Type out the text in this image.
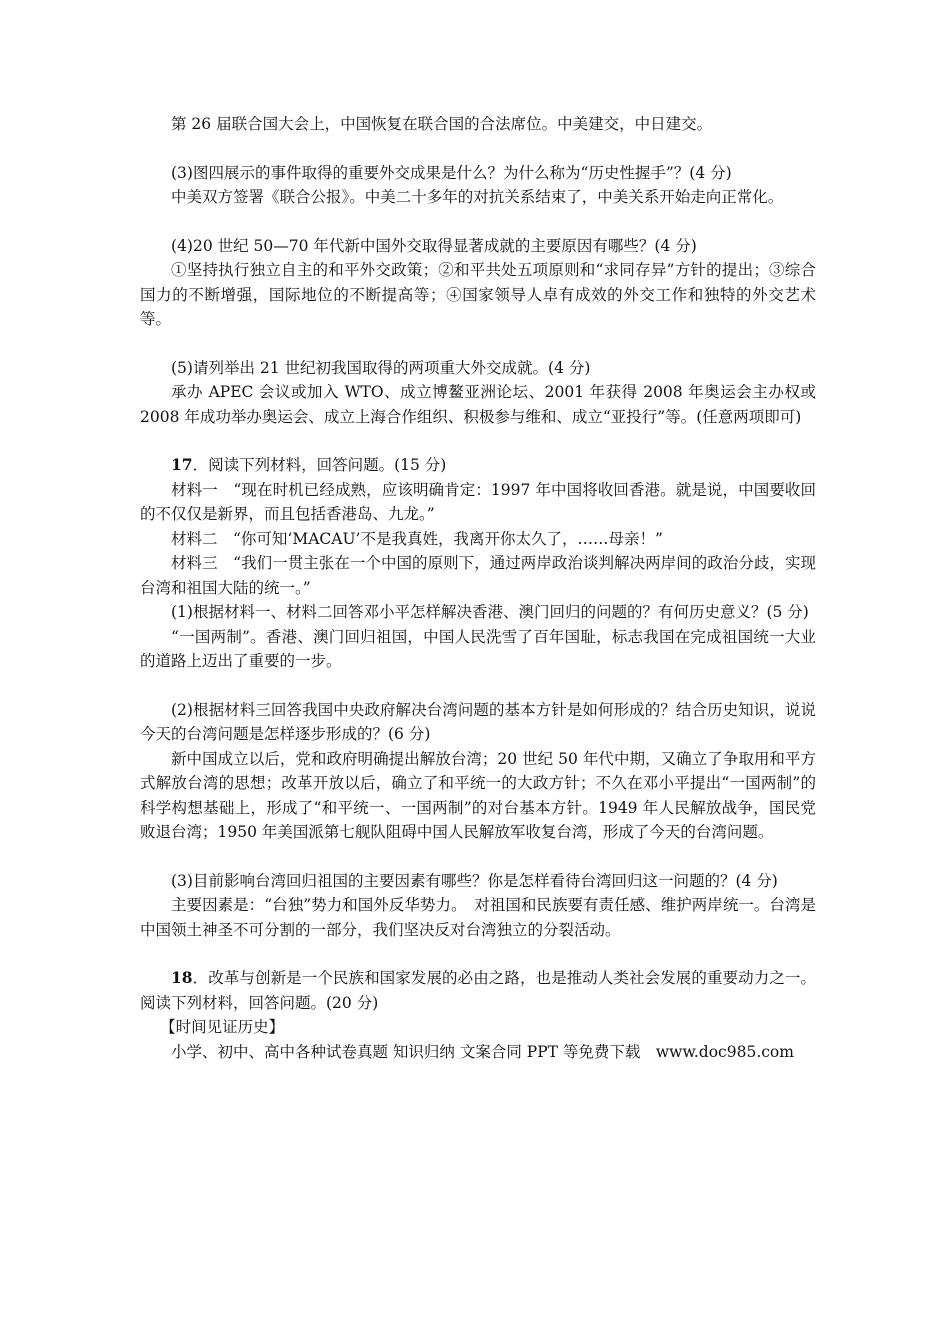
第 26 届联合国大会上，中国恢复在联合国的合法席位。中美建交，中日建交。

(3)图四展示的事件取得的重要外交成果是什么？为什么称为“历史性握手”？(4 分)

中美双方签署《联合公报》。中美二十多年的对抗关系结束了，中美关系开始走向正常化。

(4)20 世纪 50—70 年代新中国外交取得显著成就的主要原因有哪些？(4 分)

①坚持执行独立自主的和平外交政策；②和平共处五项原则和“求同存异”方针的提出；③综合国力的不断增强，国际地位的不断提高等；④国家领导人卓有成效的外交工作和独特的外交艺术等。

(5)请列举出 21 世纪初我国取得的两项重大外交成就。(4 分)

承办 APEC 会议或加入 WTO、成立博鳌亚洲论坛、2001 年获得 2008 年奥运会主办权或 2008 年成功举办奥运会、成立上海合作组织、积极参与维和、成立“亚投行”等。(任意两项即可)

17．阅读下列材料，回答问题。(15 分)

材料一　“现在时机已经成熟，应该明确肯定：1997 年中国将收回香港。就是说，中国要收回的不仅仅是新界，而且包括香港岛、九龙。”

材料二　“你可知‘MACAU’不是我真姓，我离开你太久了，……母亲！”

材料三　“我们一贯主张在一个中国的原则下，通过两岸政治谈判解决两岸间的政治分歧，实现台湾和祖国大陆的统一。”

(1)根据材料一、材料二回答邓小平怎样解决香港、澳门回归的问题的？有何历史意义？(5 分)

“一国两制”。香港、澳门回归祖国，中国人民洗雪了百年国耻，标志我国在完成祖国统一大业的道路上迈出了重要的一步。

(2)根据材料三回答我国中央政府解决台湾问题的基本方针是如何形成的？结合历史知识，说说今天的台湾问题是怎样逐步形成的？(6 分)

新中国成立以后，党和政府明确提出解放台湾；20 世纪 50 年代中期，又确立了争取用和平方式解放台湾的思想；改革开放以后，确立了和平统一的大政方针；不久在邓小平提出“一国两制”的科学构想基础上，形成了“和平统一、一国两制”的对台基本方针。1949 年人民解放战争，国民党败退台湾；1950 年美国派第七舰队阻碍中国人民解放军收复台湾，形成了今天的台湾问题。

(3)目前影响台湾回归祖国的主要因素有哪些？你是怎样看待台湾回归这一问题的？(4 分)

主要因素是：“台独”势力和国外反华势力。　对祖国和民族要有责任感、维护两岸统一。台湾是中国领土神圣不可分割的一部分，我们坚决反对台湾独立的分裂活动。

18．改革与创新是一个民族和国家发展的必由之路，也是推动人类社会发展的重要动力之一。阅读下列材料，回答问题。(20 分)

【时间见证历史】

小学、初中、高中各种试卷真题 知识归纳 文案合同 PPT 等免费下载　www.doc985.com
